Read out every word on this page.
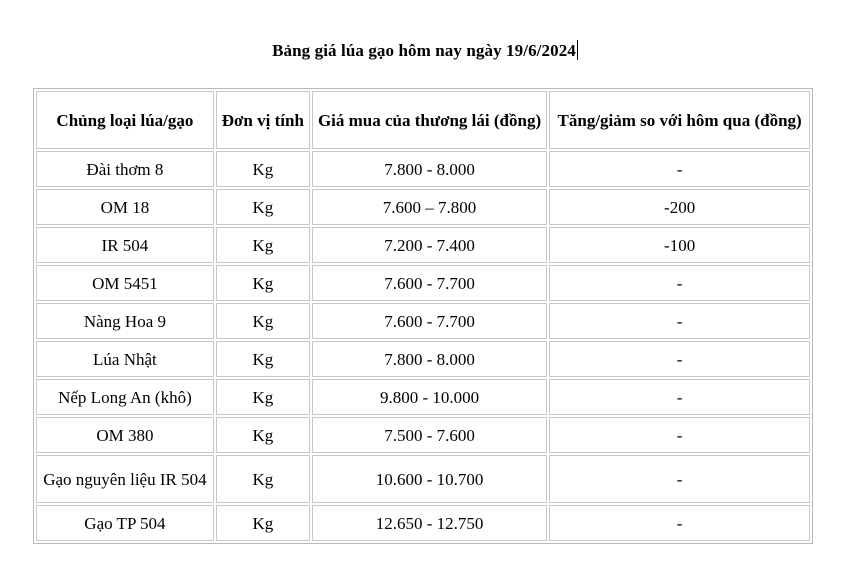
Bảng giá lúa gạo hôm nay ngày 19/6/2024
Chủng loại lúa/gạo	Đơn vị tính	Giá mua của thương lái (đồng)	Tăng/giảm so với hôm qua (đồng)
Đài thơm 8	Kg	7.800 - 8.000	-
OM 18	Kg	7.600 – 7.800	-200
IR 504	Kg	7.200 - 7.400	-100
OM 5451	Kg	7.600 - 7.700	-
Nàng Hoa 9	Kg	7.600 - 7.700	-
Lúa Nhật	Kg	7.800 - 8.000	-
Nếp Long An (khô)	Kg	9.800 - 10.000	-
OM 380	Kg	7.500 - 7.600	-
Gạo nguyên liệu IR 504	Kg	10.600 - 10.700	-
Gạo TP 504	Kg	12.650 - 12.750	-
